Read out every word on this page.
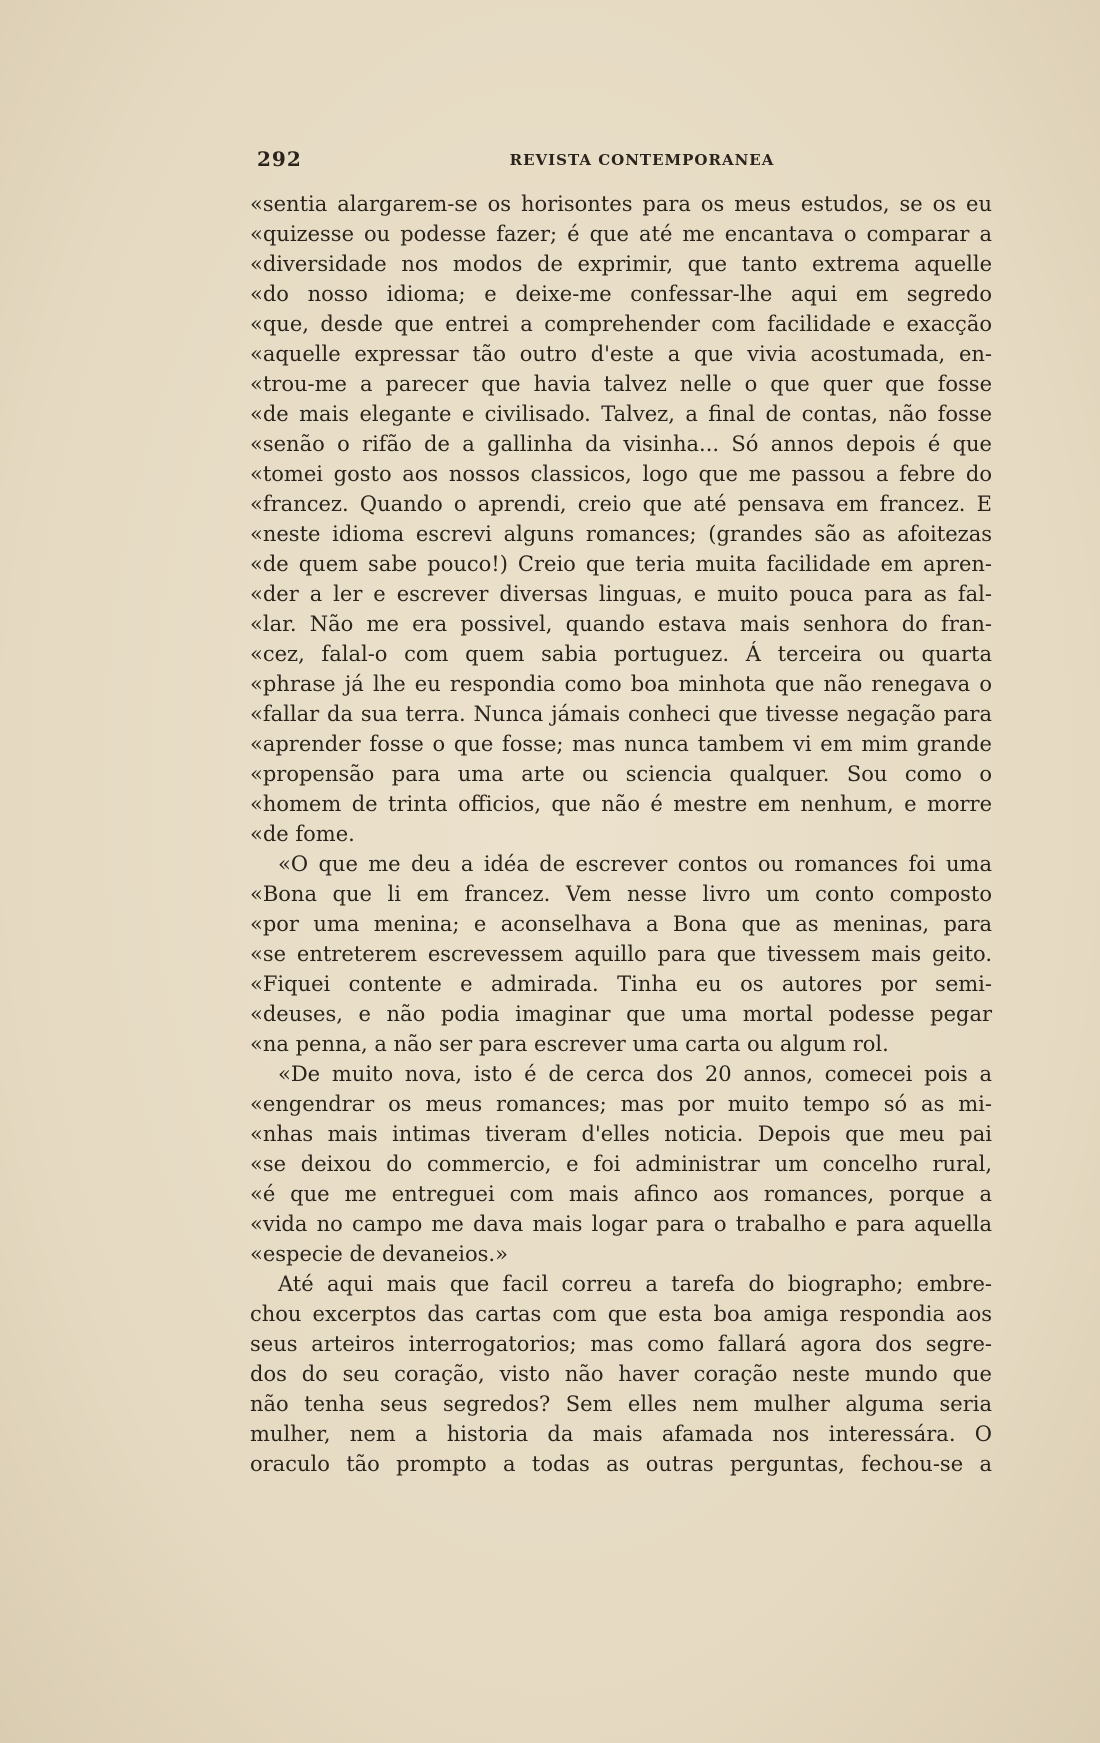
292	REVISTA CONTEMPORANEA
«sentia alargarem-se os horisontes para os meus estudos, se os eu
«quizesse ou podesse fazer; é que até me encantava o comparar a
«diversidade nos modos de exprimir, que tanto extrema aquelle
«do nosso idioma; e deixe-me confessar-lhe aqui em segredo
«que, desde que entrei a comprehender com facilidade e exacção
«aquelle expressar tão outro d'este a que vivia acostumada, en-
«trou-me a parecer que havia talvez nelle o que quer que fosse
«de mais elegante e civilisado. Talvez, a final de contas, não fosse
«senão o rifão de a gallinha da visinha... Só annos depois é que
«tomei gosto aos nossos classicos, logo que me passou a febre do
«francez. Quando o aprendi, creio que até pensava em francez. E
«neste idioma escrevi alguns romances; (grandes são as afoitezas
«de quem sabe pouco!) Creio que teria muita facilidade em apren-
«der a ler e escrever diversas linguas, e muito pouca para as fal-
«lar. Não me era possivel, quando estava mais senhora do fran-
«cez, falal-o com quem sabia portuguez. Á terceira ou quarta
«phrase já lhe eu respondia como boa minhota que não renegava o
«fallar da sua terra. Nunca jámais conheci que tivesse negação para
«aprender fosse o que fosse; mas nunca tambem vi em mim grande
«propensão para uma arte ou sciencia qualquer. Sou como o
«homem de trinta officios, que não é mestre em nenhum, e morre
«de fome.
«O que me deu a idéa de escrever contos ou romances foi uma
«Bona que li em francez. Vem nesse livro um conto composto
«por uma menina; e aconselhava a Bona que as meninas, para
«se entreterem escrevessem aquillo para que tivessem mais geito.
«Fiquei contente e admirada. Tinha eu os autores por semi-
«deuses, e não podia imaginar que uma mortal podesse pegar
«na penna, a não ser para escrever uma carta ou algum rol.
«De muito nova, isto é de cerca dos 20 annos, comecei pois a
«engendrar os meus romances; mas por muito tempo só as mi-
«nhas mais intimas tiveram d'elles noticia. Depois que meu pai
«se deixou do commercio, e foi administrar um concelho rural,
«é que me entreguei com mais afinco aos romances, porque a
«vida no campo me dava mais logar para o trabalho e para aquella
«especie de devaneios.»
Até aqui mais que facil correu a tarefa do biographo; embre-
chou excerptos das cartas com que esta boa amiga respondia aos
seus arteiros interrogatorios; mas como fallará agora dos segre-
dos do seu coração, visto não haver coração neste mundo que
não tenha seus segredos? Sem elles nem mulher alguma seria
mulher, nem a historia da mais afamada nos interessára. O
oraculo tão prompto a todas as outras perguntas, fechou-se a
